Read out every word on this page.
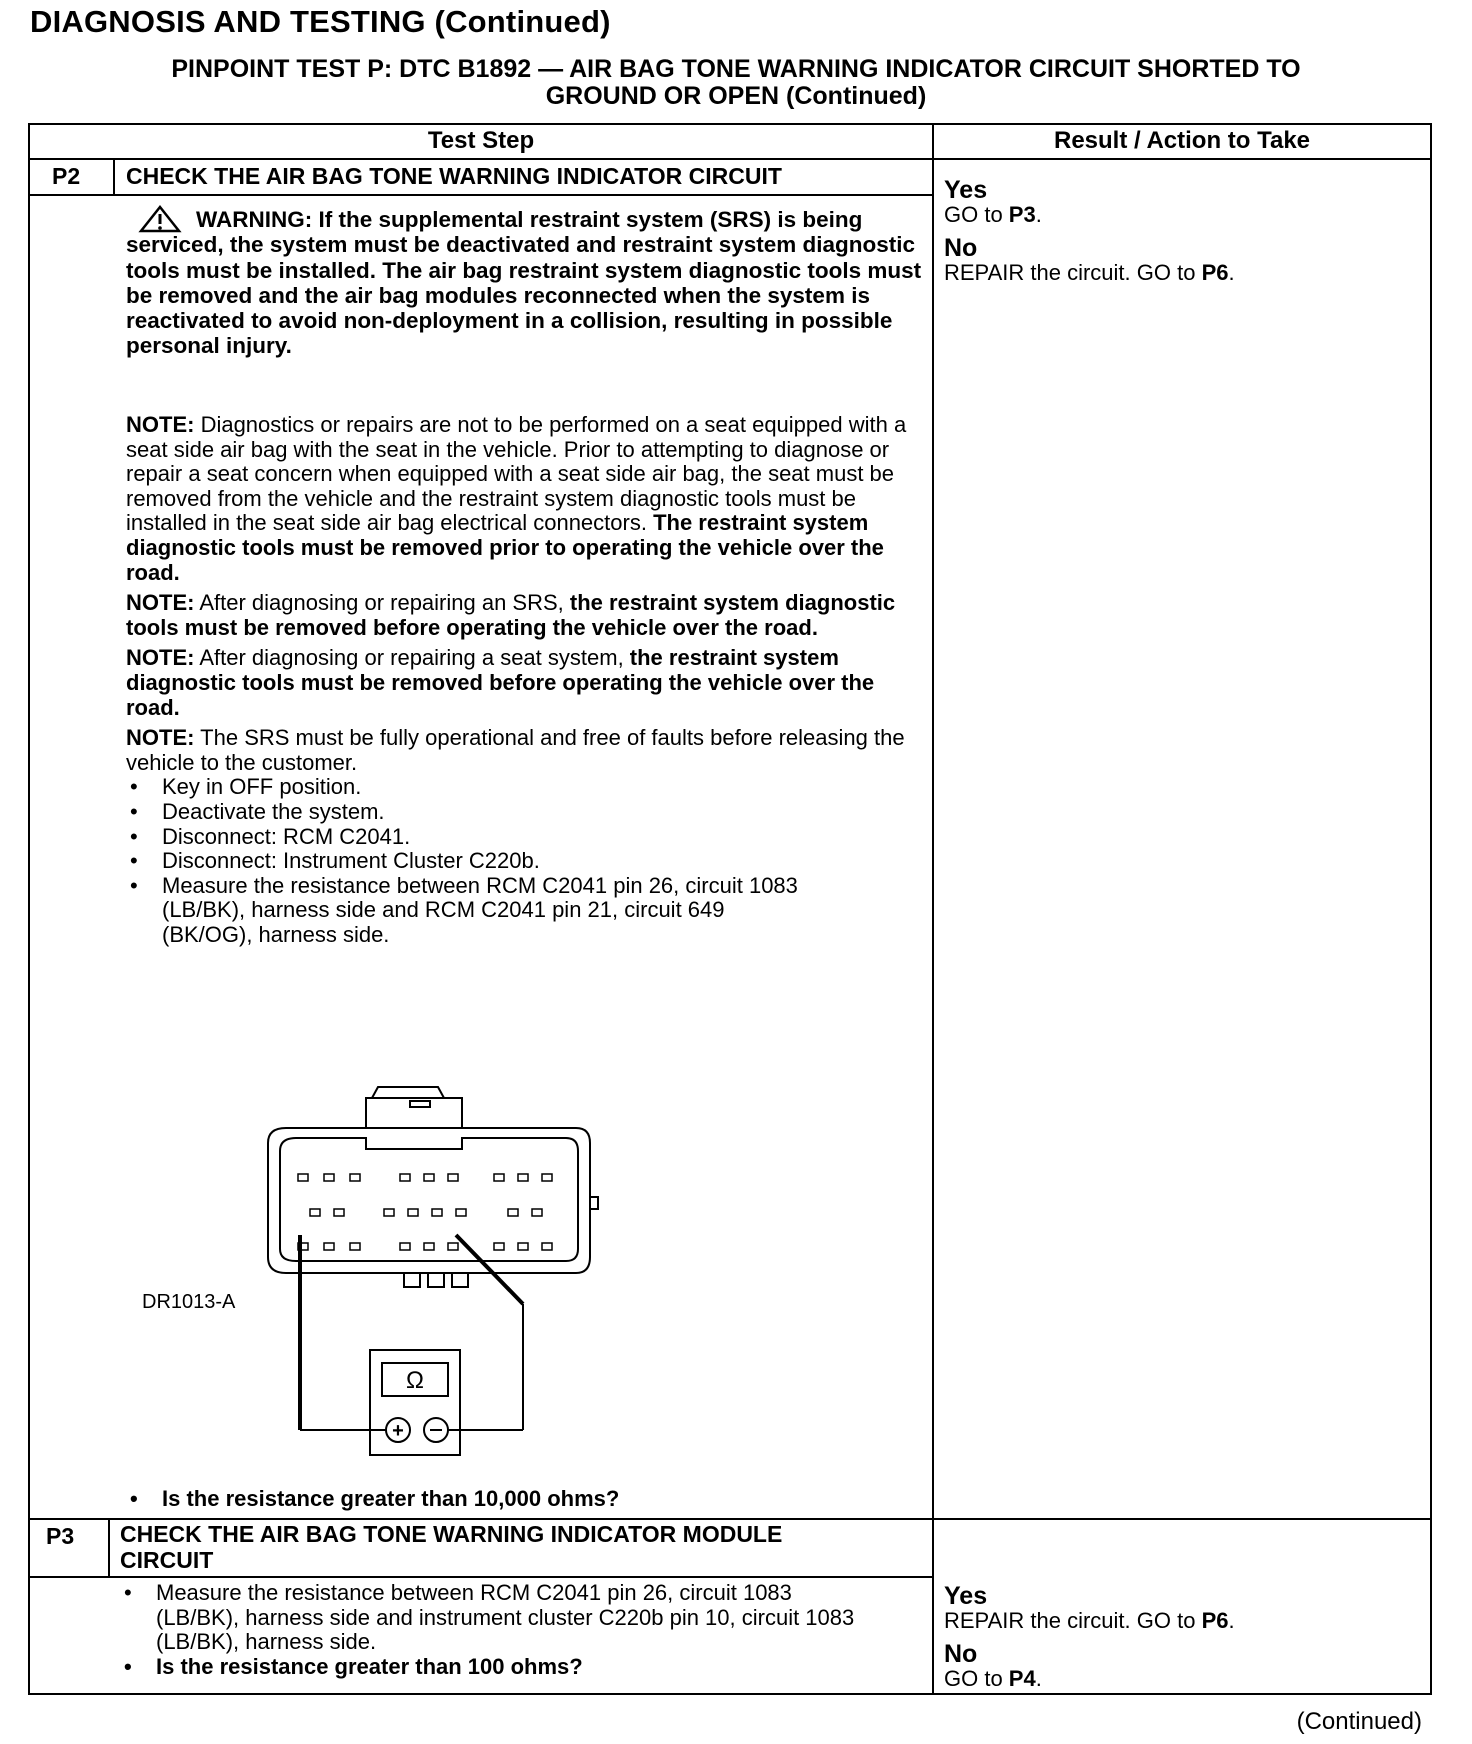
DIAGNOSIS AND TESTING (Continued)
PINPOINT TEST P: DTC B1892 — AIR BAG TONE WARNING INDICATOR CIRCUIT SHORTED TO
GROUND OR OPEN (Continued)
Test Step	Result / Action to Take
P2 CHECK THE AIR BAG TONE WARNING INDICATOR CIRCUIT
WARNING: If the supplemental restraint system (SRS) is being serviced, the system must be deactivated and restraint system diagnostic tools must be installed. The air bag restraint system diagnostic tools must be removed and the air bag modules reconnected when the system is reactivated to avoid non-deployment in a collision, resulting in possible personal injury.

NOTE: Diagnostics or repairs are not to be performed on a seat equipped with a seat side air bag with the seat in the vehicle. Prior to attempting to diagnose or repair a seat concern when equipped with a seat side air bag, the seat must be removed from the vehicle and the restraint system diagnostic tools must be installed in the seat side air bag electrical connectors. The restraint system diagnostic tools must be removed prior to operating the vehicle over the road.

NOTE: After diagnosing or repairing an SRS, the restraint system diagnostic tools must be removed before operating the vehicle over the road.

NOTE: After diagnosing or repairing a seat system, the restraint system diagnostic tools must be removed before operating the vehicle over the road.

NOTE: The SRS must be fully operational and free of faults before releasing the vehicle to the customer.

• Key in OFF position.
• Deactivate the system.
• Disconnect: RCM C2041.
• Disconnect: Instrument Cluster C220b.
• Measure the resistance between RCM C2041 pin 26, circuit 1083 (LB/BK), harness side and RCM C2041 pin 21, circuit 649 (BK/OG), harness side.
Ω
+
DR1013-A
• Is the resistance greater than 10,000 ohms?
Yes
GO to P3.
No
REPAIR the circuit. GO to P6.
P3 CHECK THE AIR BAG TONE WARNING INDICATOR MODULE
CIRCUIT
• Measure the resistance between RCM C2041 pin 26, circuit 1083 (LB/BK), harness side and instrument cluster C220b pin 10, circuit 1083 (LB/BK), harness side.
• Is the resistance greater than 100 ohms?
Yes
REPAIR the circuit. GO to P6.
No
GO to P4.
(Continued)
